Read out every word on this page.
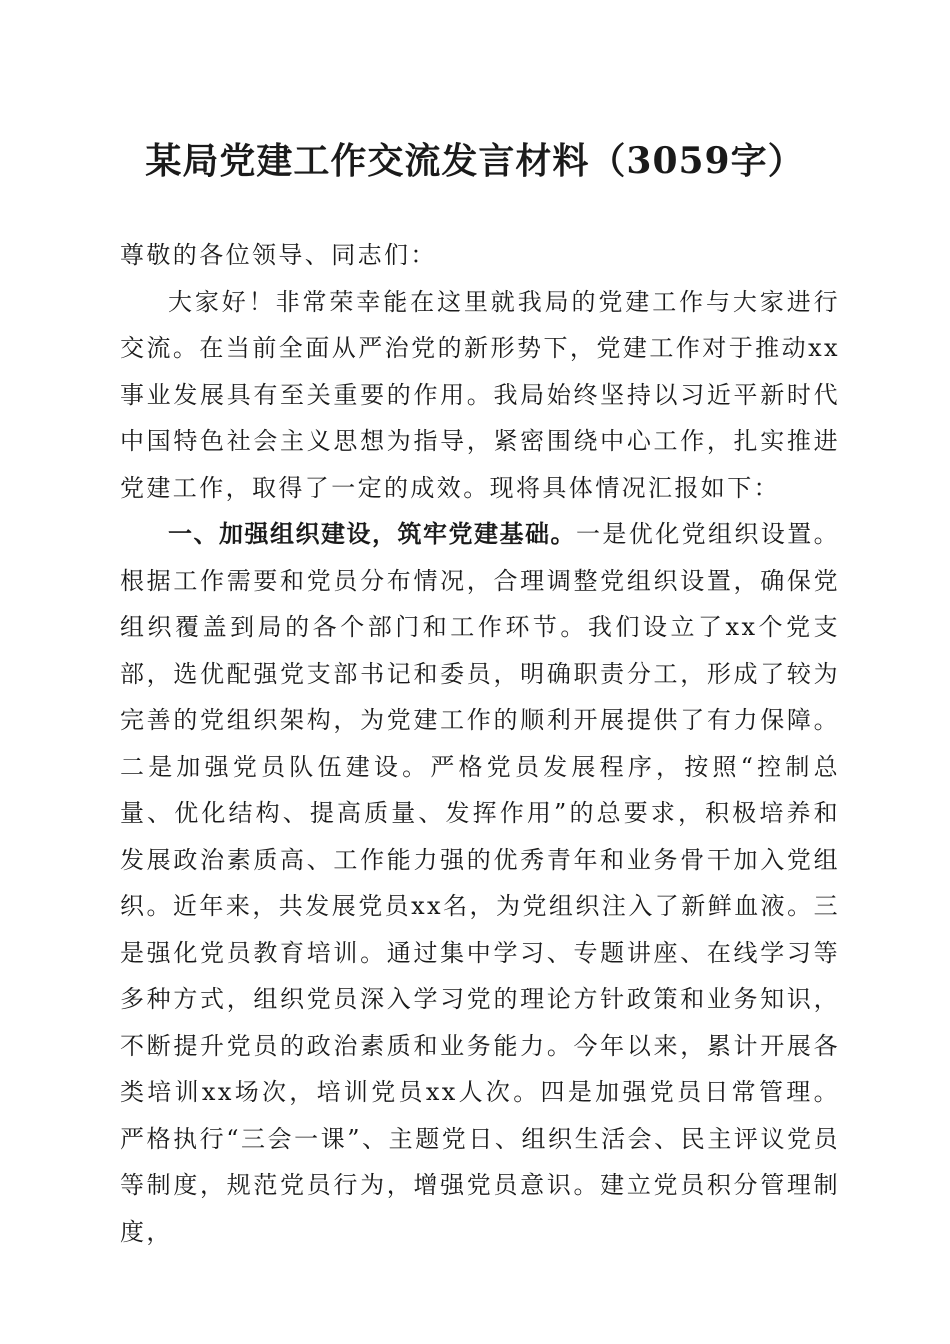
某局党建工作交流发言材料（3059字）

尊敬的各位领导、同志们：

大家好！非常荣幸能在这里就我局的党建工作与大家进行交流。在当前全面从严治党的新形势下，党建工作对于推动xx事业发展具有至关重要的作用。我局始终坚持以习近平新时代中国特色社会主义思想为指导，紧密围绕中心工作，扎实推进党建工作，取得了一定的成效。现将具体情况汇报如下：

一、加强组织建设，筑牢党建基础。一是优化党组织设置。根据工作需要和党员分布情况，合理调整党组织设置，确保党组织覆盖到局的各个部门和工作环节。我们设立了xx个党支部，选优配强党支部书记和委员，明确职责分工，形成了较为完善的党组织架构，为党建工作的顺利开展提供了有力保障。二是加强党员队伍建设。严格党员发展程序，按照“控制总量、优化结构、提高质量、发挥作用”的总要求，积极培养和发展政治素质高、工作能力强的优秀青年和业务骨干加入党组织。近年来，共发展党员xx名，为党组织注入了新鲜血液。三是强化党员教育培训。通过集中学习、专题讲座、在线学习等多种方式，组织党员深入学习党的理论方针政策和业务知识，不断提升党员的政治素质和业务能力。今年以来，累计开展各类培训xx场次，培训党员xx人次。四是加强党员日常管理。严格执行“三会一课”、主题党日、组织生活会、民主评议党员等制度，规范党员行为，增强党员意识。建立党员积分管理制度，
